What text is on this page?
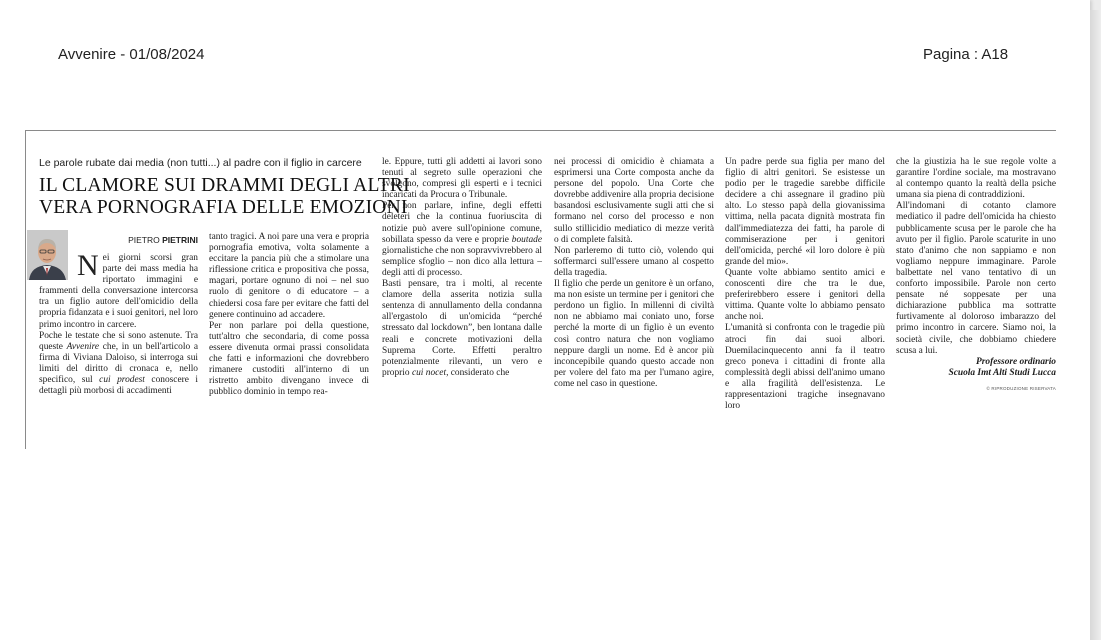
Avvenire - 01/08/2024	Pagina : A18
Le parole rubate dai media (non tutti...) al padre con il figlio in carcere
IL CLAMORE SUI DRAMMI DEGLI ALTRI
VERA PORNOGRAFIA DELLE EMOZIONI
PIETRO PIETRINI

Nei giorni scorsi gran parte dei mass media ha riportato immagini e frammenti della conversazione intercorsa tra un figlio autore dell'omicidio della propria fidanzata e i suoi genitori, nel loro primo incontro in carcere.

Poche le testate che si sono astenute. Tra queste Avvenire che, in un bell'articolo a firma di Viviana Daloiso, si interroga sui limiti del diritto di cronaca e, nello specifico, sul cui prodest conoscere i dettagli più morbosi di accadimenti

tanto tragici. A noi pare una vera e propria pornografia emotiva, volta solamente a eccitare la pancia più che a stimolare una riflessione critica e propositiva che possa, magari, portare ognuno di noi – nel suo ruolo di genitore o di educatore – a chiedersi cosa fare per evitare che fatti del genere continuino ad accadere.

Per non parlare poi della questione, tutt'altro che secondaria, di come possa essere divenuta ormai prassi consolidata che fatti e informazioni che dovrebbero rimanere custoditi all'interno di un ristretto ambito divengano invece di pubblico dominio in tempo rea-

le. Eppure, tutti gli addetti ai lavori sono tenuti al segreto sulle operazioni che svolgono, compresi gli esperti e i tecnici incaricati da Procura o Tribunale.

Per non parlare, infine, degli effetti deleteri che la continua fuoriuscita di notizie può avere sull'opinione comune, sobillata spesso da vere e proprie boutade giornalistiche che non sopravvivrebbero al semplice sfoglio – non dico alla lettura – degli atti di processo.

Basti pensare, tra i molti, al recente clamore della asserita notizia sulla sentenza di annullamento della condanna all'ergastolo di un'omicida “perché stressato dal lockdown”, ben lontana dalle reali e concrete motivazioni della Suprema Corte. Effetti peraltro potenzialmente rilevanti, un vero e proprio cui nocet, considerato che

nei processi di omicidio è chiamata a esprimersi una Corte composta anche da persone del popolo. Una Corte che dovrebbe addivenire alla propria decisione basandosi esclusivamente sugli atti che si formano nel corso del processo e non sullo stillicidio mediatico di mezze verità o di complete falsità.

Non parleremo di tutto ciò, volendo qui soffermarci sull'essere umano al cospetto della tragedia.

Il figlio che perde un genitore è un orfano, ma non esiste un termine per i genitori che perdono un figlio. In millenni di civiltà non ne abbiamo mai coniato uno, forse perché la morte di un figlio è un evento così contro natura che non vogliamo neppure dargli un nome. Ed è ancor più inconcepibile quando questo accade non per volere del fato ma per l'umano agire, come nel caso in questione.

Un padre perde sua figlia per mano del figlio di altri genitori. Se esistesse un podio per le tragedie sarebbe difficile decidere a chi assegnare il gradino più alto. Lo stesso papà della giovanissima vittima, nella pacata dignità mostrata fin dall'immediatezza dei fatti, ha parole di commiserazione per i genitori dell'omicida, perché «il loro dolore è più grande del mio».

Quante volte abbiamo sentito amici e conoscenti dire che tra le due, preferirebbero essere i genitori della vittima. Quante volte lo abbiamo pensato anche noi.

L'umanità si confronta con le tragedie più atroci fin dai suoi albori. Duemilacinquecento anni fa il teatro greco poneva i cittadini di fronte alla complessità degli abissi dell'animo umano e alla fragilità dell'esistenza. Le rappresentazioni tragiche insegnavano loro

che la giustizia ha le sue regole volte a garantire l'ordine sociale, ma mostravano al contempo quanto la realtà della psiche umana sia piena di contraddizioni.

All'indomani di cotanto clamore mediatico il padre dell'omicida ha chiesto pubblicamente scusa per le parole che ha avuto per il figlio. Parole scaturite in uno stato d'animo che non sappiamo e non vogliamo neppure immaginare. Parole balbettate nel vano tentativo di un conforto impossibile. Parole non certo pensate né soppesate per una dichiarazione pubblica ma sottratte furtivamente al doloroso imbarazzo del primo incontro in carcere. Siamo noi, la società civile, che dobbiamo chiedere scusa a lui.

Professore ordinario
Scuola Imt Alti Studi Lucca
© RIPRODUZIONE RISERVATA
